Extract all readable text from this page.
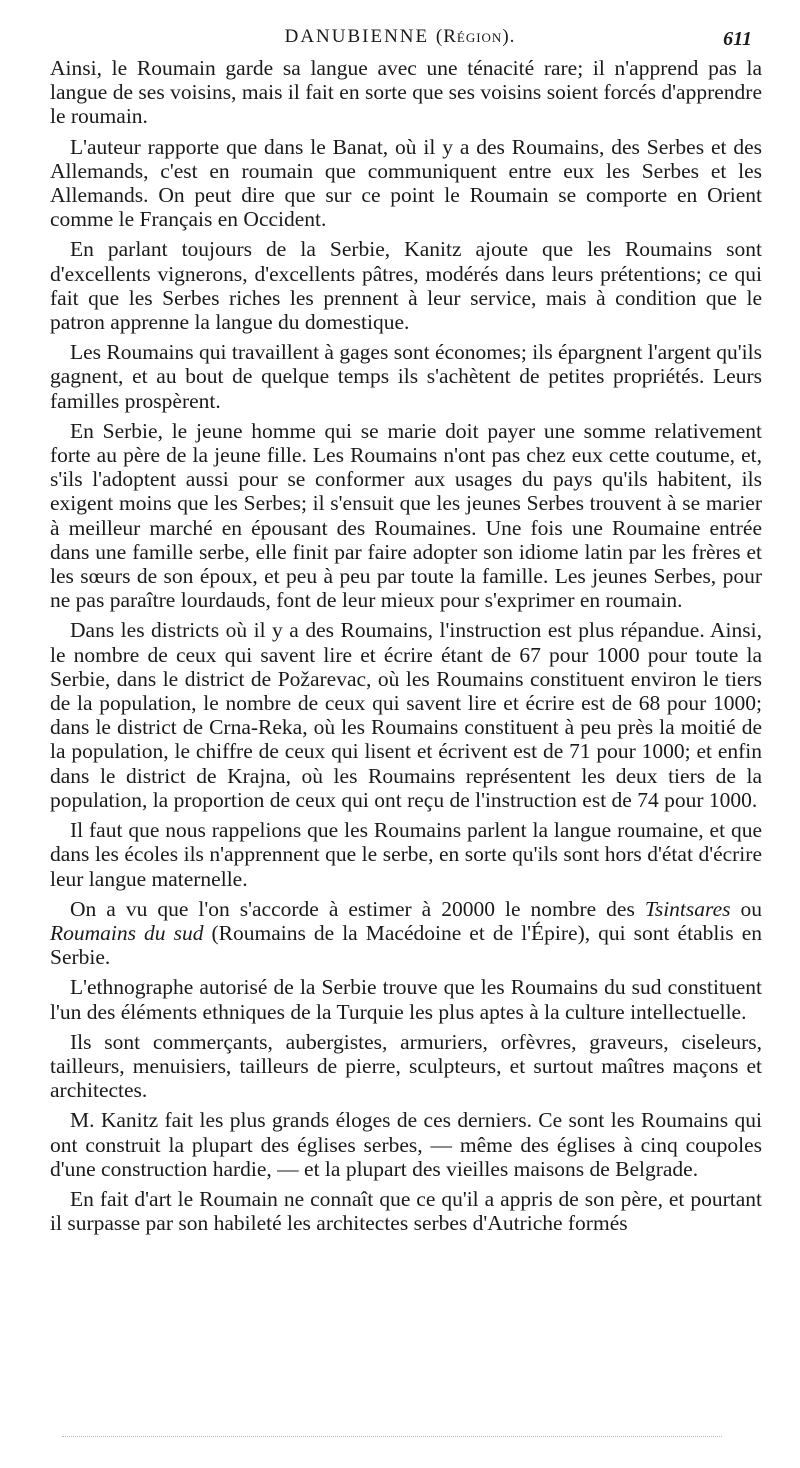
DANUBIENNE (Région).	611

Ainsi, le Roumain garde sa langue avec une ténacité rare; il n'apprend pas la langue de ses voisins, mais il fait en sorte que ses voisins soient forcés d'apprendre le roumain.

L'auteur rapporte que dans le Banat, où il y a des Roumains, des Serbes et des Allemands, c'est en roumain que communiquent entre eux les Serbes et les Allemands. On peut dire que sur ce point le Roumain se comporte en Orient comme le Français en Occident.

En parlant toujours de la Serbie, Kanitz ajoute que les Roumains sont d'excellents vignerons, d'excellents pâtres, modérés dans leurs prétentions; ce qui fait que les Serbes riches les prennent à leur service, mais à condition que le patron apprenne la langue du domestique.

Les Roumains qui travaillent à gages sont économes; ils épargnent l'argent qu'ils gagnent, et au bout de quelque temps ils s'achètent de petites propriétés. Leurs familles prospèrent.

En Serbie, le jeune homme qui se marie doit payer une somme relativement forte au père de la jeune fille. Les Roumains n'ont pas chez eux cette coutume, et, s'ils l'adoptent aussi pour se conformer aux usages du pays qu'ils habitent, ils exigent moins que les Serbes; il s'ensuit que les jeunes Serbes trouvent à se marier à meilleur marché en épousant des Roumaines. Une fois une Roumaine entrée dans une famille serbe, elle finit par faire adopter son idiome latin par les frères et les sœurs de son époux, et peu à peu par toute la famille. Les jeunes Serbes, pour ne pas paraître lourdauds, font de leur mieux pour s'exprimer en roumain.

Dans les districts où il y a des Roumains, l'instruction est plus répandue. Ainsi, le nombre de ceux qui savent lire et écrire étant de 67 pour 1000 pour toute la Serbie, dans le district de Požarevac, où les Roumains constituent environ le tiers de la population, le nombre de ceux qui savent lire et écrire est de 68 pour 1000; dans le district de Crna-Reka, où les Roumains constituent à peu près la moitié de la population, le chiffre de ceux qui lisent et écrivent est de 71 pour 1000; et enfin dans le district de Krajna, où les Roumains représentent les deux tiers de la population, la proportion de ceux qui ont reçu de l'instruction est de 74 pour 1000.

Il faut que nous rappelions que les Roumains parlent la langue roumaine, et que dans les écoles ils n'apprennent que le serbe, en sorte qu'ils sont hors d'état d'écrire leur langue maternelle.

On a vu que l'on s'accorde à estimer à 20000 le nombre des Tsintsares ou Roumains du sud (Roumains de la Macédoine et de l'Épire), qui sont établis en Serbie.

L'ethnographe autorisé de la Serbie trouve que les Roumains du sud constituent l'un des éléments ethniques de la Turquie les plus aptes à la culture intellectuelle.

Ils sont commerçants, aubergistes, armuriers, orfèvres, graveurs, ciseleurs, tailleurs, menuisiers, tailleurs de pierre, sculpteurs, et surtout maîtres maçons et architectes.

M. Kanitz fait les plus grands éloges de ces derniers. Ce sont les Roumains qui ont construit la plupart des églises serbes, — même des églises à cinq coupoles d'une construction hardie, — et la plupart des vieilles maisons de Belgrade.

En fait d'art le Roumain ne connaît que ce qu'il a appris de son père, et pourtant il surpasse par son habileté les architectes serbes d'Autriche formés
